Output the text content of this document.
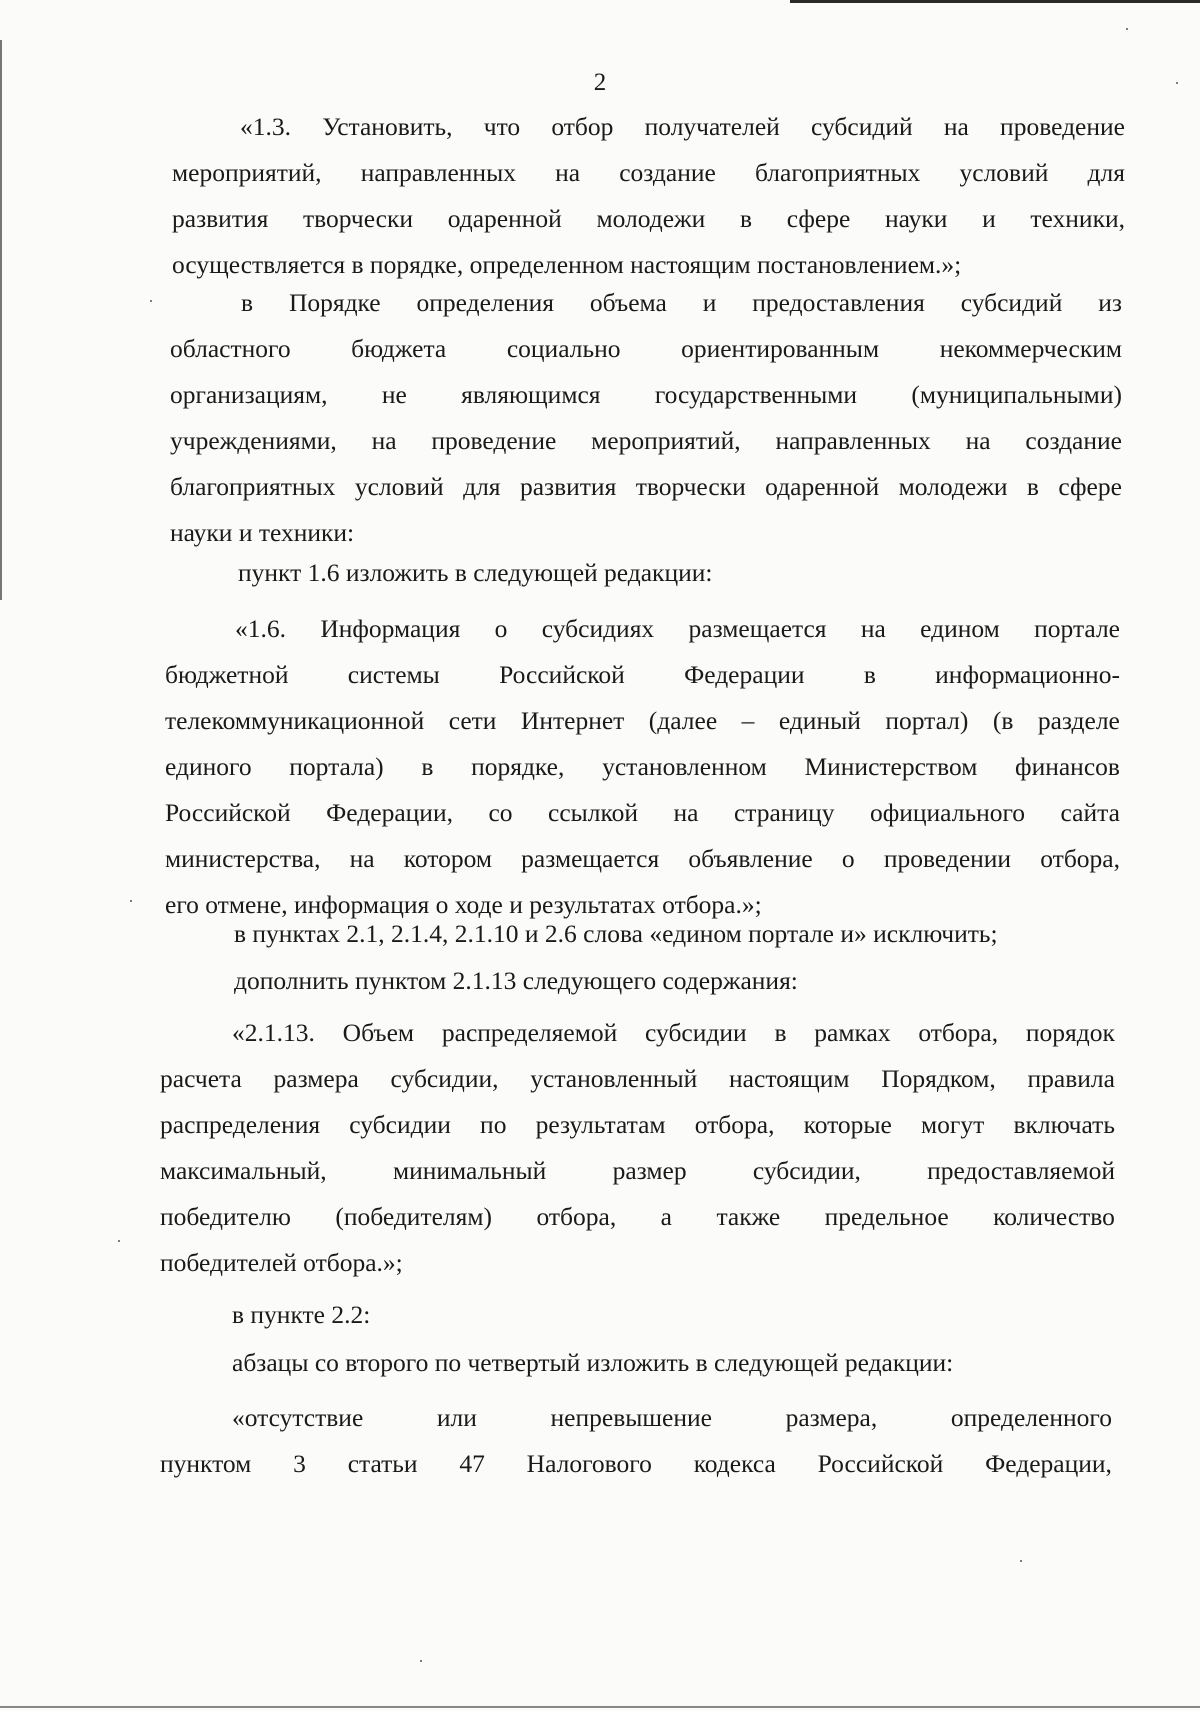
2
«1.3. Установить, что отбор получателей субсидий на проведение
мероприятий, направленных на создание благоприятных условий для
развития творчески одаренной молодежи в сфере науки и техники,
осуществляется в порядке, определенном настоящим постановлением.»;
в Порядке определения объема и предоставления субсидий из
областного бюджета социально ориентированным некоммерческим
организациям, не являющимся государственными (муниципальными)
учреждениями, на проведение мероприятий, направленных на создание
благоприятных условий для развития творчески одаренной молодежи в сфере
науки и техники:
пункт 1.6 изложить в следующей редакции:
«1.6. Информация о субсидиях размещается на едином портале
бюджетной системы Российской Федерации в информационно-
телекоммуникационной сети Интернет (далее – единый портал) (в разделе
единого портала) в порядке, установленном Министерством финансов
Российской Федерации, со ссылкой на страницу официального сайта
министерства, на котором размещается объявление о проведении отбора,
его отмене, информация о ходе и результатах отбора.»;
в пунктах 2.1, 2.1.4, 2.1.10 и 2.6 слова «едином портале и» исключить;
дополнить пунктом 2.1.13 следующего содержания:
«2.1.13. Объем распределяемой субсидии в рамках отбора, порядок
расчета размера субсидии, установленный настоящим Порядком, правила
распределения субсидии по результатам отбора, которые могут включать
максимальный,	минимальный	размер	субсидии,	предоставляемой
победителю (победителям) отбора, а также предельное количество
победителей отбора.»;
в пункте 2.2:
абзацы со второго по четвертый изложить в следующей редакции:
«отсутствие	или	непревышение	размера,	определенного
пунктом 3 статьи 47 Налогового кодекса Российской Федерации,
